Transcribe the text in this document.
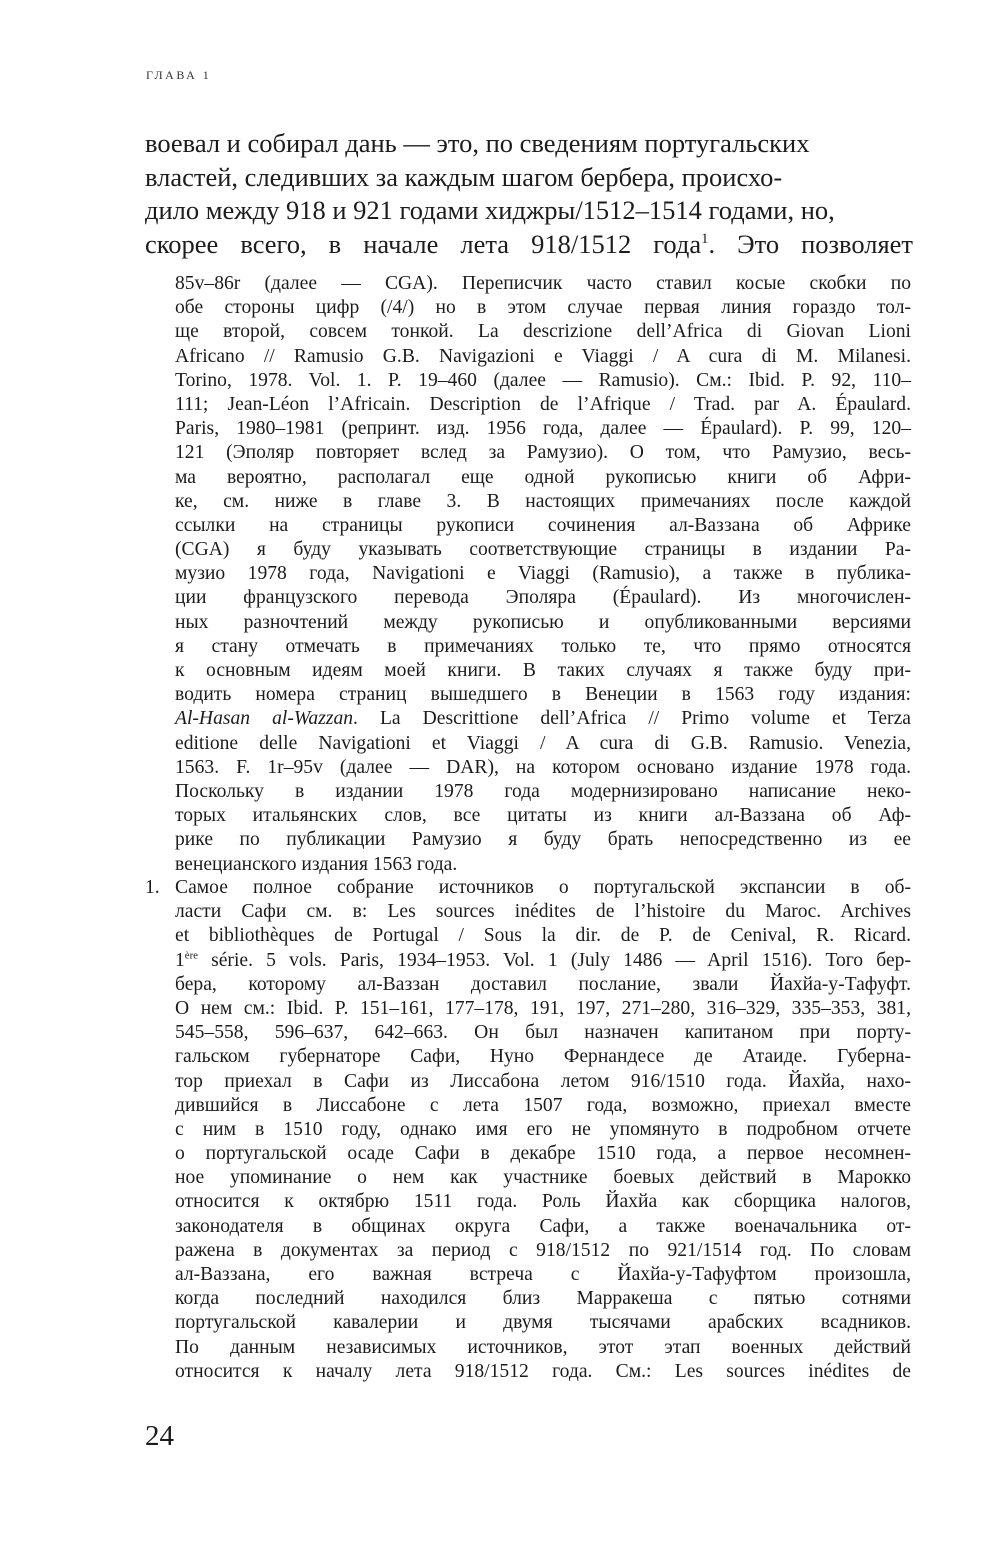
ГЛАВА 1
воевал и собирал дань — это, по сведениям португальских
властей, следивших за каждым шагом бербера, происхо-
дило между 918 и 921 годами хиджры/1512–1514 годами, но,
скорее всего, в начале лета 918/1512 года$^1$. Это позволяет
85v–86r (далее — CGA). Переписчик часто ставил косые скобки по
обе стороны цифр (/4/) но в этом случае первая линия гораздо тол-
ще второй, совсем тонкой. La descrizione dell’Africa di Giovan Lioni
Africano // Ramusio G.B. Navigazioni e Viaggi / A cura di M. Milanesi.
Torino, 1978. Vol. 1. P. 19–460 (далее — Ramusio). См.: Ibid. P. 92, 110–
111; Jean-Léon l’Africain. Description de l’Afrique / Trad. par A. Épaulard.
Paris, 1980–1981 (репринт. изд. 1956 года, далее — Épaulard). P. 99, 120–
121 (Эполяр повторяет вслед за Рамузио). О том, что Рамузио, весь-
ма вероятно, располагал еще одной рукописью книги об Афри-
ке, см. ниже в главе 3. В настоящих примечаниях после каждой
ссылки на страницы рукописи сочинения ал-Ваззана об Африке
(CGA) я буду указывать соответствующие страницы в издании Ра-
музио 1978 года, Navigationi e Viaggi (Ramusio), а также в публика-
ции французского перевода Эполяра (Épaulard). Из многочислен-
ных разночтений между рукописью и опубликованными версиями
я стану отмечать в примечаниях только те, что прямо относятся
к основным идеям моей книги. В таких случаях я также буду при-
водить номера страниц вышедшего в Венеции в 1563 году издания:
Al-Hasan al-Wazzan. La Descrittione dell’Africa // Primo volume et Terza
editione delle Navigationi et Viaggi / A cura di G.B. Ramusio. Venezia,
1563. F. 1r–95v (далее — DAR), на котором основано издание 1978 года.
Поскольку в издании 1978 года модернизировано написание неко-
торых итальянских слов, все цитаты из книги ал-Ваззана об Аф-
рике по публикации Рамузио я буду брать непосредственно из ее
венецианского издания 1563 года.
1. Самое полное собрание источников о португальской экспансии в об-
ласти Сафи см. в: Les sources inédites de l’histoire du Maroc. Archives
et bibliothèques de Portugal / Sous la dir. de P. de Cenival, R. Ricard.
1ère série. 5 vols. Paris, 1934–1953. Vol. 1 (July 1486 — April 1516). Того бер-
бера, которому ал-Ваззан доставил послание, звали Йахйа-у-Тафуфт.
О нем см.: Ibid. P. 151–161, 177–178, 191, 197, 271–280, 316–329, 335–353, 381,
545–558, 596–637, 642–663. Он был назначен капитаном при порту-
гальском губернаторе Сафи, Нуно Фернандесе де Атаиде. Губерна-
тор приехал в Сафи из Лиссабона летом 916/1510 года. Йахйа, нахо-
дившийся в Лиссабоне с лета 1507 года, возможно, приехал вместе
с ним в 1510 году, однако имя его не упомянуто в подробном отчете
о португальской осаде Сафи в декабре 1510 года, а первое несомнен-
ное упоминание о нем как участнике боевых действий в Марокко
относится к октябрю 1511 года. Роль Йахйа как сборщика налогов,
законодателя в общинах округа Сафи, а также военачальника от-
ражена в документах за период с 918/1512 по 921/1514 год. По словам
ал-Ваззана, его важная встреча с Йахйа-у-Тафуфтом произошла,
когда последний находился близ Марракеша с пятью сотнями
португальской кавалерии и двумя тысячами арабских всадников.
По данным независимых источников, этот этап военных действий
относится к началу лета 918/1512 года. См.: Les sources inédites de
24
